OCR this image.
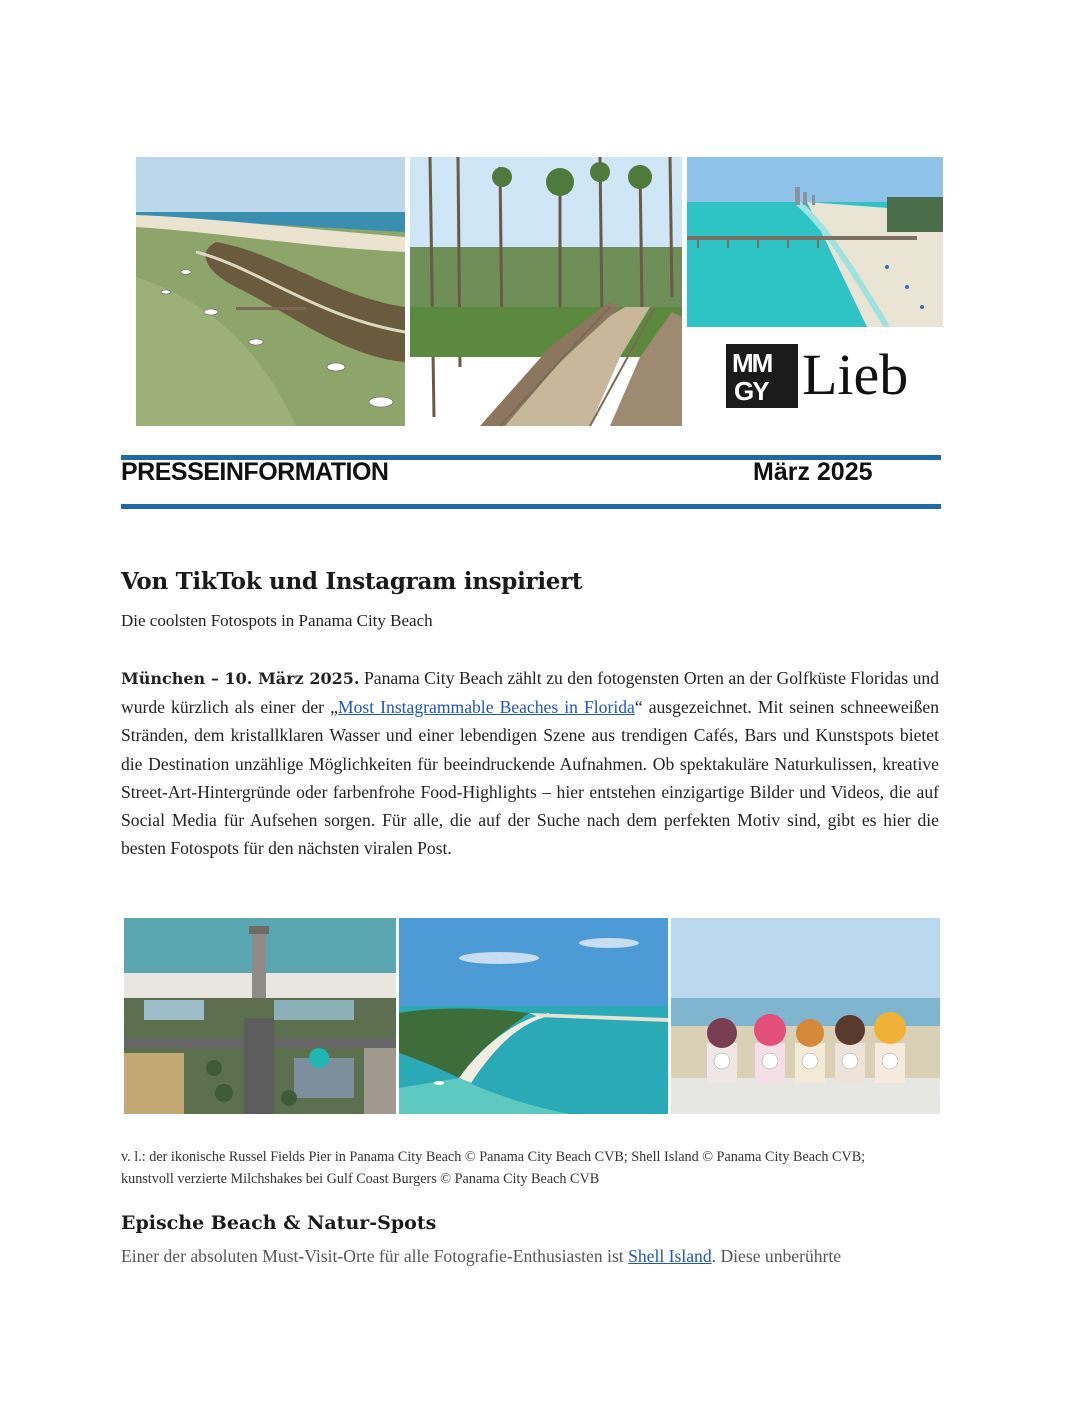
MM
GY Lieb
PRESSEINFORMATION	März 2025
Von TikTok und Instagram inspiriert
Die coolsten Fotospots in Panama City Beach
München – 10. März 2025. Panama City Beach zählt zu den fotogensten Orten an der Golfküste Floridas und wurde kürzlich als einer der „Most Instagrammable Beaches in Florida“ ausgezeichnet. Mit seinen schneeweißen Stränden, dem kristallklaren Wasser und einer lebendigen Szene aus trendigen Cafés, Bars und Kunstspots bietet die Destination unzählige Möglichkeiten für beeindruckende Aufnahmen. Ob spektakuläre Naturkulissen, kreative Street-Art-Hintergründe oder farbenfrohe Food-Highlights – hier entstehen einzigartige Bilder und Videos, die auf Social Media für Aufsehen sorgen. Für alle, die auf der Suche nach dem perfekten Motiv sind, gibt es hier die besten Fotospots für den nächsten viralen Post.
v. l.: der ikonische Russel Fields Pier in Panama City Beach © Panama City Beach CVB; Shell Island © Panama City Beach CVB;
kunstvoll verzierte Milchshakes bei Gulf Coast Burgers © Panama City Beach CVB
Epische Beach & Natur-Spots
Einer der absoluten Must-Visit-Orte für alle Fotografie-Enthusiasten ist Shell Island. Diese unberührte
